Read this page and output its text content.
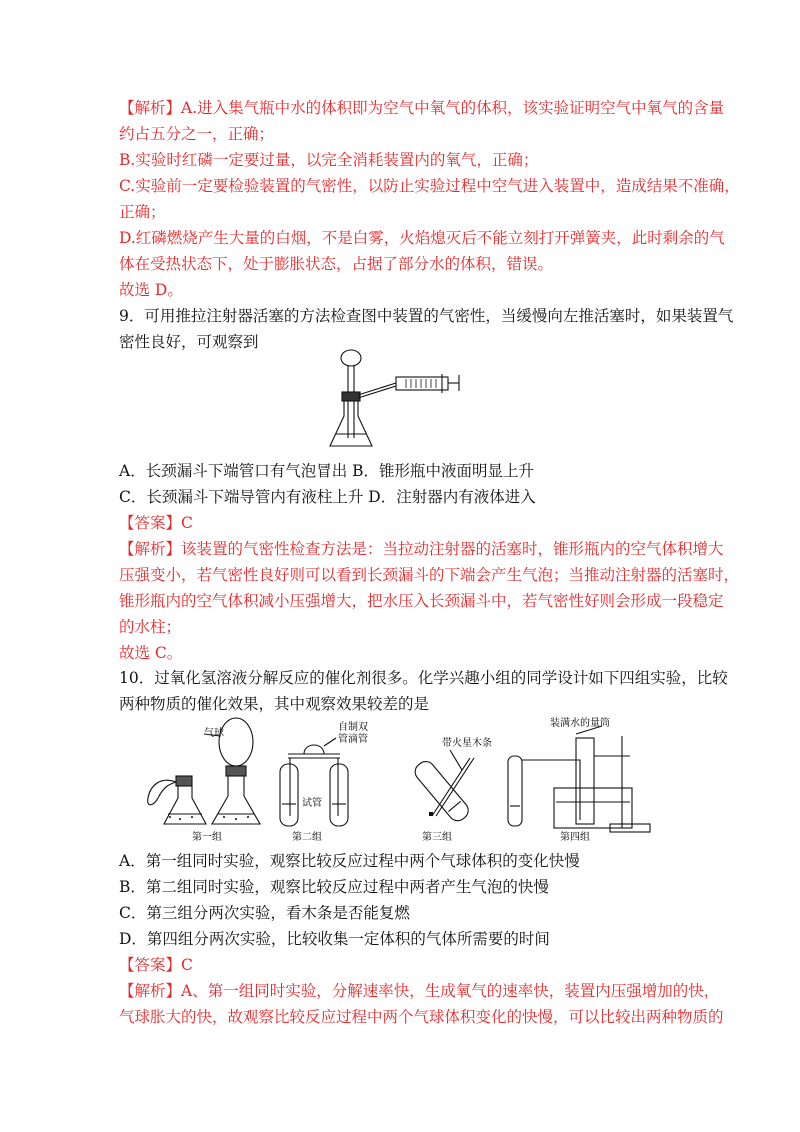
【解析】A.进入集气瓶中水的体积即为空气中氧气的体积，该实验证明空气中氧气的含量
约占五分之一，正确；
B.实验时红磷一定要过量，以完全消耗装置内的氧气，正确；
C.实验前一定要检验装置的气密性，以防止实验过程中空气进入装置中，造成结果不准确，
正确；
D.红磷燃烧产生大量的白烟，不是白雾，火焰熄灭后不能立刻打开弹簧夹，此时剩余的气
体在受热状态下，处于膨胀状态，占据了部分水的体积，错误。
故选 D。
9．可用推拉注射器活塞的方法检查图中装置的气密性，当缓慢向左推活塞时，如果装置气
密性良好，可观察到
A．长颈漏斗下端管口有气泡冒出 B．锥形瓶中液面明显上升
C．长颈漏斗下端导管内有液柱上升 D．注射器内有液体进入
【答案】C
【解析】该装置的气密性检查方法是：当拉动注射器的活塞时，锥形瓶内的空气体积增大
压强变小，若气密性良好则可以看到长颈漏斗的下端会产生气泡；当推动注射器的活塞时，
锥形瓶内的空气体积减小压强增大，把水压入长颈漏斗中，若气密性好则会形成一段稳定
的水柱；
故选 C。
10．过氧化氢溶液分解反应的催化剂很多。化学兴趣小组的同学设计如下四组实验，比较
两种物质的催化效果，其中观察效果较差的是
气球
自制双
管滴管
试管
带火星木条
装满水的量筒
第一组	第二组	第三组	第四组
A．第一组同时实验，观察比较反应过程中两个气球体积的变化快慢
B．第二组同时实验，观察比较反应过程中两者产生气泡的快慢
C．第三组分两次实验，看木条是否能复燃
D．第四组分两次实验，比较收集一定体积的气体所需要的时间
【答案】C
【解析】A、第一组同时实验，分解速率快，生成氧气的速率快，装置内压强增加的快，
气球胀大的快，故观察比较反应过程中两个气球体积变化的快慢，可以比较出两种物质的
